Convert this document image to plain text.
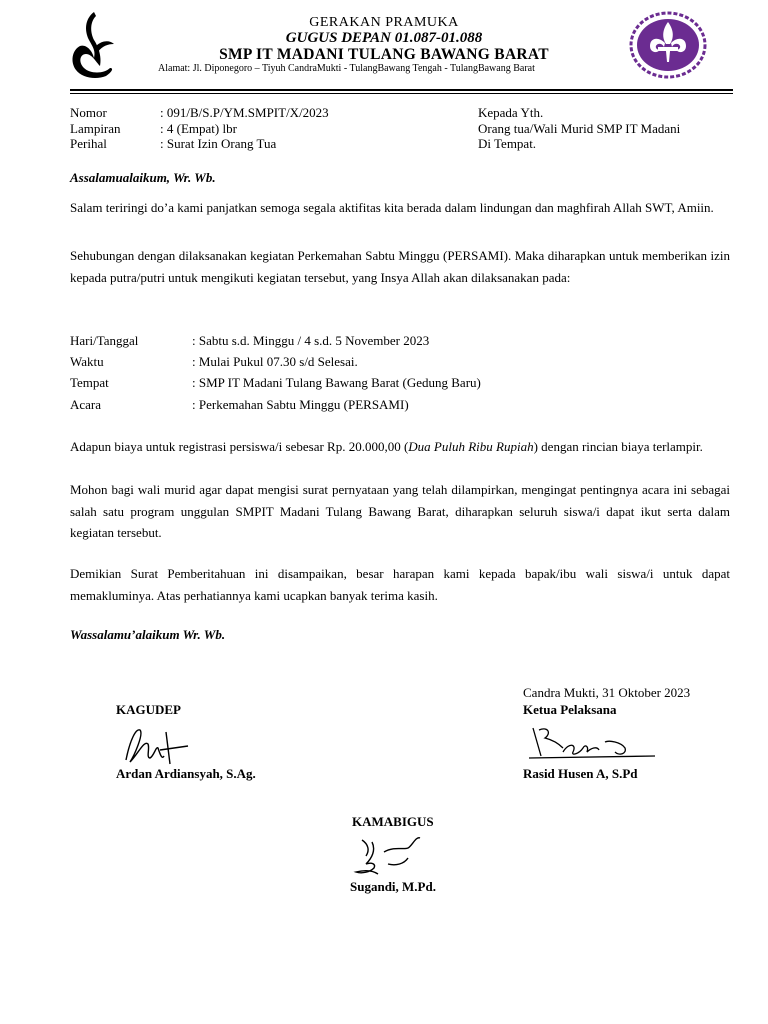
GERAKAN PRAMUKA
GUGUS DEPAN 01.087-01.088
SMP IT MADANI TULANG BAWANG BARAT
Alamat: Jl. Diponegoro – Tiyuh CandraMukti - TulangBawang Tengah - TulangBawang Barat
Nomor	: 091/B/S.P/YM.SMPIT/X/2023
Lampiran	: 4 (Empat) lbr
Perihal	: Surat Izin Orang Tua
Kepada Yth.
Orang tua/Wali Murid SMP IT Madani
Di Tempat.
Assalamualaikum, Wr. Wb.
Salam teriringi do’a kami panjatkan semoga segala aktifitas kita berada dalam lindungan dan maghfirah Allah SWT, Amiin.
Sehubungan dengan dilaksanakan kegiatan Perkemahan Sabtu Minggu (PERSAMI). Maka diharapkan untuk memberikan izin kepada putra/putri untuk mengikuti kegiatan tersebut, yang Insya Allah akan dilaksanakan pada:
Hari/Tanggal	: Sabtu s.d. Minggu / 4 s.d. 5 November 2023
Waktu	: Mulai Pukul 07.30 s/d Selesai.
Tempat	: SMP IT Madani Tulang Bawang Barat (Gedung Baru)
Acara	: Perkemahan Sabtu Minggu (PERSAMI)
Adapun biaya untuk registrasi persiswa/i sebesar Rp. 20.000,00 (Dua Puluh Ribu Rupiah) dengan rincian biaya terlampir.
Mohon bagi wali murid agar dapat mengisi surat pernyataan yang telah dilampirkan, mengingat pentingnya acara ini sebagai salah satu program unggulan SMPIT Madani Tulang Bawang Barat, diharapkan seluruh siswa/i dapat ikut serta dalam kegiatan tersebut.
Demikian Surat Pemberitahuan ini disampaikan, besar harapan kami kepada bapak/ibu wali siswa/i untuk dapat memakluminya. Atas perhatiannya kami ucapkan banyak terima kasih.
Wassalamu’alaikum Wr. Wb.
Candra Mukti, 31 Oktober 2023
KAGUDEP	Ketua Pelaksana
Ardan Ardiansyah, S.Ag.	Rasid Husen A, S.Pd
KAMABIGUS
Sugandi, M.Pd.
